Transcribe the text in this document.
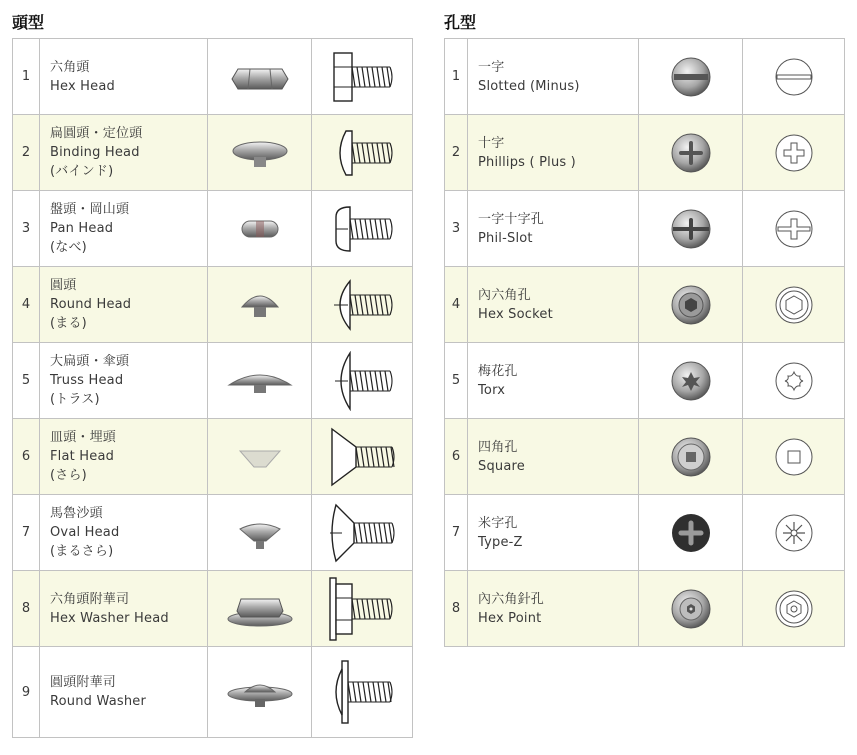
頭型	孔型
1	六角頭
Hex Head

2	扁圓頭・定位頭
Binding Head
(バインド)

3	盤頭・岡山頭
Pan Head
(なべ)

4	圓頭
Round Head
(まる)

5	大扁頭・傘頭
Truss Head
(トラス)

6	皿頭・埋頭
Flat Head
(さら)

7	馬魯沙頭
Oval Head
(まるさら)

8	六角頭附華司
Hex Washer Head

9	圓頭附華司
Round Washer

1	一字
Slotted (Minus)

2	十字
Phillips ( Plus )

3	一字十字孔
Phil-Slot

4	內六角孔
Hex Socket

5	梅花孔
Torx

6	四角孔
Square

7	米字孔
Type-Z

8	內六角針孔
Hex Point
